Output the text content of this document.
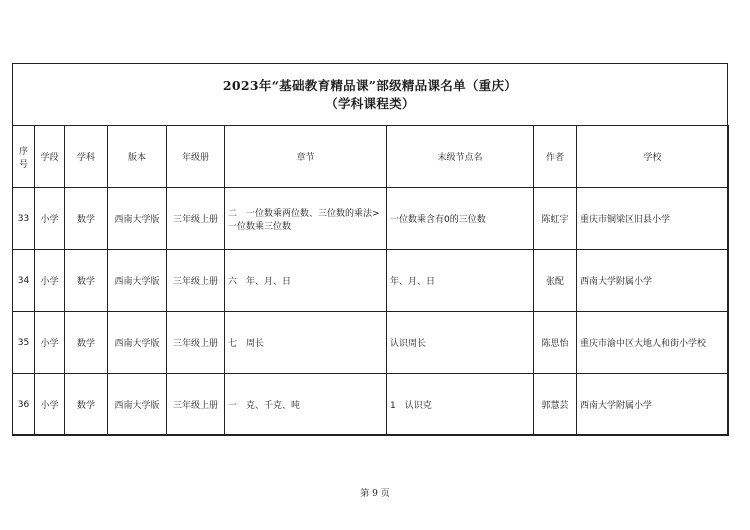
2023年“基础教育精品课”部级精品课名单（重庆）
（学科课程类）
序号	学段	学科	版本	年级册	章节	末级节点名	作者	学校
33	小学	数学	西南大学版	三年级上册	二　一位数乘两位数、三位数的乘法>一位数乘三位数	一位数乘含有0的三位数	陈虹宇	重庆市铜梁区旧县小学
34	小学	数学	西南大学版	三年级上册	六　年、月、日	年、月、日	张配	西南大学附属小学
35	小学	数学	西南大学版	三年级上册	七　周长	认识周长	陈思怡	重庆市渝中区大地人和街小学校
36	小学	数学	西南大学版	三年级上册	一　克、千克、吨	1　认识克	郭慧芸	西南大学附属小学
第 9 页
